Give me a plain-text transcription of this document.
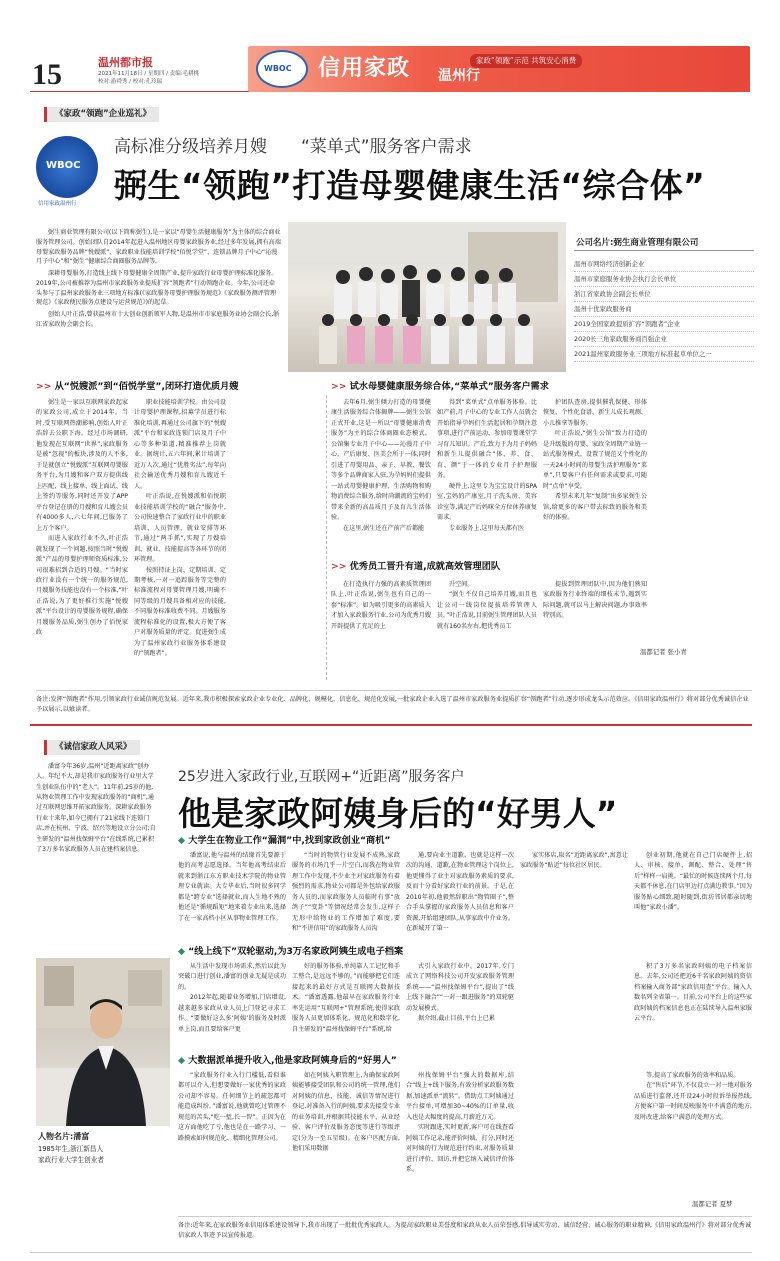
15	温州都市报
2021年11月18日 / 星期四 / 责编:毛耕桃
校对:游舜秀 / 校对:孔玲瑞
WBOC 信用家政	家政“领跑”示范 共筑安心消费
温州行
《家政“领跑”企业巡礼》
WBOC
信用家政温州行
高标准分级培养月嫂　　“菜单式”服务客户需求
弼生“领跑”打造母婴健康生活“综合体”

弼生商业管理有限公司(以下简称弼生),是一家以“母婴生活健康服务”为主体的综合商业服务管理公司。创始团队自2014年起进入温州地区母婴家政服务业,经过多年发展,拥有高端母婴家政服务品牌“悦嫂派”、家政职业技能培训学校“佰悦学堂”、连锁品牌月子中心“沁漫月子中心”和“弼生”健康综合商圈服务品牌等。

深耕母婴服务,打造线上线下母婴健康全周期产业,提升家政行业母婴护理标准化服务。2019年,公司被推荐为温州市家政服务业提质扩容“领跑者”行动领跑企业。今年,公司还牵头参与了温州家政服务业三项地方标准(《家政服务母婴护理服务规范》《家政服务测评管理规范》《家政便民服务点建设与运营规范》)的起草。

创始人叶正浩,曾获温州市十大创业创新领军人物,是温州市市家庭服务业协会副会长,浙江省家政协会副会长。

公司名片:弼生商业管理有限公司
温州市网络经济创新企业
温州市家庭服务业协会执行会长单位
浙江省家政协会副会长单位
温州十优家政服务商
2019全国家政提质扩容“领跑者”企业
2020长三角家政服务商百强企业
2021温州家政服务业三项地方标准起草单位之一
>> 从“悦嫂派”到“佰悦学堂”,闭环打造优质月嫂	>> 试水母婴健康服务综合体,“菜单式”服务客户需求

弼生是一家以互联网家政起家的家政公司,成立于2014年。当时,受互联网热潮影响,创始人叶正浩辞去公职下海。经过市场调研,他发现在互联网“世界”,家政服务是被“忽视”的板块,涉及的人不多,于是就创立“悦嫂派”互联网母婴服务平台,为月嫂和客户双方提供线上匹配、线上接单、线上面试、线上签约等服务,同时还开发了APP平台登记在册的月嫂和育儿嫂会员有4000多人,六七年间,已服务了上万个客户。

而进入家政行业不久,叶正浩就发现了一个问题,按照当时“悦嫂派”产品的母婴护理师资质标准,公司很难招到合适的月嫂。“当时家政行业没有一个统一的服务规范,月嫂服务技能也没有一个标准,”叶正浩说,为了更好推行实施“悦嫂派”平台设计的母婴服务规程,确保月嫂服务品质,弼生创办了佰悦家政

职业技能培训学校。由公司设计母婴护理课程,招募学员进行标准化培训,再通过公司旗下的“悦嫂派”平台和家政连锁门店及月子中心等多种渠道,精准推荐上岗就业。据统计,五六年间,累计培训了近万人次,通过“优胜劣汰”,每年向社会输送优秀月嫂和育儿嫂近千人。

叶正浩说,在悦嫂派和佰悦职业技能培训学校的“融合”服务中,公司快速整合了家政行业中的职业培训、人员管理、就业安排等环节,通过“两手抓”,实现了月嫂培训、就业、技能提高等各环节的闭环管理。

按照持证上岗、定期培训、定期考核,一对一追踪服务等完整的标准流程对母婴管理月嫂,明确不同等级的月嫂具备相对应的技能,不同服务标准收费不同。月嫂服务流程标准化的设置,极大方便了客户对服务质量的评定。促进弼生成为了温州家政行业服务体系建设的“领跑者”。

去年6月,弼生倾力打造的母婴健康生活服务综合体揭牌——弼生公馆正式开业,这是一所以“母婴健康消费服务”为主的综合体商圈业态模式。公馆集专业月子中心——沁漫月子中心、产后康复、医美会所于一体,同时引进了母婴用品、亲子、早教、餐饮等多个品牌商家入驻,为孕妈妈们提供一站式母婴健康护理、生活购物和购物消费综合服务,给时尚潮流的宝妈们带来全新的高品质月子及育儿生活体验。

在这里,弼生还在产前产后都能

得到“菜单式”点单服务体验。比如产前,月子中心的专业工作人员就会开始指导孕妈们生活起居和孕期注意事项,进行产前运动、参加母婴课堂学习育儿知识。产后,致力于为月子妈妈和新生儿提供融合“体、养、食、育、颜”于一体的专业月子护理服务。

硬件上,这里专为宝宝设计的SPA室,宝妈的产康室,月子洗头房、美容诊室等,满足产后妈咪全方位休养康复需求。

专业服务上,这里每天都有医

护团队查房,提供催乳保健、形体恢复、个性化食谱、新生儿成长观测、小儿推拿等服务。

叶正浩说,“弼生公馆”致力打造的是升级版的母婴、家政全周期产业链一站式服务模式。设置了规范又个性化的一天24小时间的母婴生活护理服务“菜单”,只要客户有任何需求或要求,可随时“点单”享受。

希望未来几年“复制”出多家弼生公馆,给更多的客户带去标致的服务和美好的体验。

>> 优秀员工晋升有道,成就高效管理团队

在打造执行力强的高素质管理团队上,叶正浩说,弼生也有自己的一套“标准”。如为吸引更多的高素质人才加入家政服务行业,公司为优秀月嫂开辟提供了充足的上

升空间。

“弼生不仅自己培养月嫂,而且也让公司一线岗位提拔培养管理人员。”叶正浩说,目前弼生管理团队人员就有160名左右,把优秀员工

提拔到管理团队中,因为他们熟知家政服务行业终端的细枝末节,遇到实际问题,就可以马上解决问题,办事效率特别高。

温都记者 张小青
备注:发挥“领跑者”作用,引领家政行业诚信规范发展。近年来,我市积极探索家政企业专业化、品牌化、规模化、信息化、规范化发展,一批家政企业入选了温州市家政服务业提质扩容“领跑者”行动,逐步形成龙头示范效应。《信用家政温州行》将对部分优秀诚信企业予以展示,以飨读者。
《诚信家政人风采》
25岁进入家政行业,互联网+“近距离”服务客户
他是家政阿姨身后的“好男人”

潘富今年36岁,温州“近距离家政”创办人。年纪不大,却是我市家政服务行业里大学生创业队伍中的“老人”。11年前,25岁的他,从物业管理工作中发现家政服务的“商机”,通过互联网思维开拓家政服务。深耕家政服务行业十来年,如今已拥有了21家线下连锁门店,并在杭州、宁波、绍兴等地设立分公司;自主研发的“温州找保姆平台”在线系统,已累积了3万多名家政服务人员在建档案信息。

人物名片:潘富
1985年生,浙江新昌人
家政行业大学生创业者
◆ 大学生在物业工作“漏洞”中,找到家政创业“商机”

潘富说,他与温州的结缘首先要源于他的高考志愿选择。当年他高考结束后就来到浙江东方职业技术学院的物业管理专业就读。大专毕业后,当时很多同学都是“跨专业”选择就业,而人生地不熟的他还是“循规蹈矩”地来着专业出来,选择了在一家高档小区从事物业管理工作。

“当时的物管行业发展不成熟,家政服务的市场几乎一片空白,而我在物业管理工作中发现,不少业主对家政服务有着强烈的需求,物业公司都是外包给家政服务人员的,而家政服务人员临时有事“放鸽子”“变卦”等情况经常会发生,这样子无形中给物业的工作增加了难度,要和“不讲信用”的家政服务人员沟

通,要向业主道歉。也就是这样一次次的沟通、道歉,在物业管理这个岗位上,他更懂得了业主对家政服务素质的要求,反而十分看好家政行业的前景。于是,在2010年初,他毅然辞职出“物管圈子”,整合手头掌握的家政服务人员信息和客户资源,开始组建团队,从事家政中介业务。在新城开了第一

家实体店,取名“近距离家政”,寓意让家政服务“贴近”每位社区居民。

创业初期,他就在自己门店硬件上,招人、审核、接单、调配、整合、处理“售后”样样一肩挑。“最忙的时候连续两个月,每天都不休息,在门店里边打点满边教事。”因为服务贴心细致,随时随到,街坊邻居都亲切地叫他“家政小潘”。

◆ “线上线下”双轮驱动,为3万名家政阿姨生成电子档案

从生活中发现市场需求,然后以此为突破口进行创业,潘富的创业无疑是成功的。

2012年起,随着业务增加,门店增设,越来越多家政从业人员上门登记寻求工作。“要做好这么多‘阿姨’的服务及时派单上岗,而且要给客户更

好的服务体验,单纯靠人工记忆和手工整合,是远远不够的。”而能够把它们连接起来的最好方式是互联网大数据技术。“潘富透露,他最早在家政服务行业率先运用“互联网+”管理系统,使得家政服务人员更加体系化、规范化和数字化,自主研发的“温州找保姆平台”系统,给

式引入家政行业中。2017年,专门成立了网络科技公司开发家政服务管理系统——“温州找保姆平台”,提出了“线上线下融合”“一对一跟进服务”的双轮驱动发展模式。

据介绍,截止目前,平台上已累

积了3万多名家政阿姨的电子档案信息。去年,公司还把近6千名家政阿姨的资信档案输入商务部“家政信用查”平台。输入人数名列全省第一。目前,公司平台上的这些家政阿姨的档案信息也正在陆续导入温州家服云平台。

◆ 大数据派单提升收入,他是家政阿姨身后的“好男人”

“家政服务行业入行门槛低,看似谁都可以介入,但想要做好一家优秀的家政公司却不容易。任何细节上的疏忽都可能造成纠纷。”潘富说,他就曾吃过管理不规范的苦头,“吃一堑,长一智”。正因为在这方面他吃了亏,他也是在一路学习、一路摸索如何规范化、精细化管理公司。

如在阿姨入职管理上,为确保家政阿姨能够接受团队和公司的统一管理,他们对阿姨的信息、技能、诚信等情况进行登记,对准备入行的阿姨,要求先接受专业的业务培训,并根据其技能水平、从业经验、客户评价及服务态度等进行等级评定(分为一至五星级)。在客户匹配方面,他们采用数据

州找保姆平台”强大的数据库,结合“线上+线下服务,有效分析家政服务数据,加速派单“流转”。借助点工阿姨通过平台接单,可增加30~40%的订单量,收入也是大幅度的提高,月薪近万元。

实时跟进,实时更新,客户可在线查看阿姨工作记录,能评价阿姨、打分,同时还对阿姨的行为规范进行约束,对服务质量进行评价、回访,并把它纳入诚信评价体系。

等,提高了家政服务的效率和品质。

在“售后”环节,不仅设立一对一地对服务品质进行监督,还开设24小时投诉举报热线,方便客户第一时间反映服务中不满意的地方,及时改进,给客户满意的处理方式。

温都记者 夏梦
备注:近年来,在家政服务业信用体系建设领导下,我市出现了一批批优秀家政人。为提高家政职业美誉度和家政从业人员荣誉感,倡导诚实劳动、诚信经营、诚心服务的职业精神,《信用家政温州行》将对部分优秀诚信家政人事迹予以宣传报道。
